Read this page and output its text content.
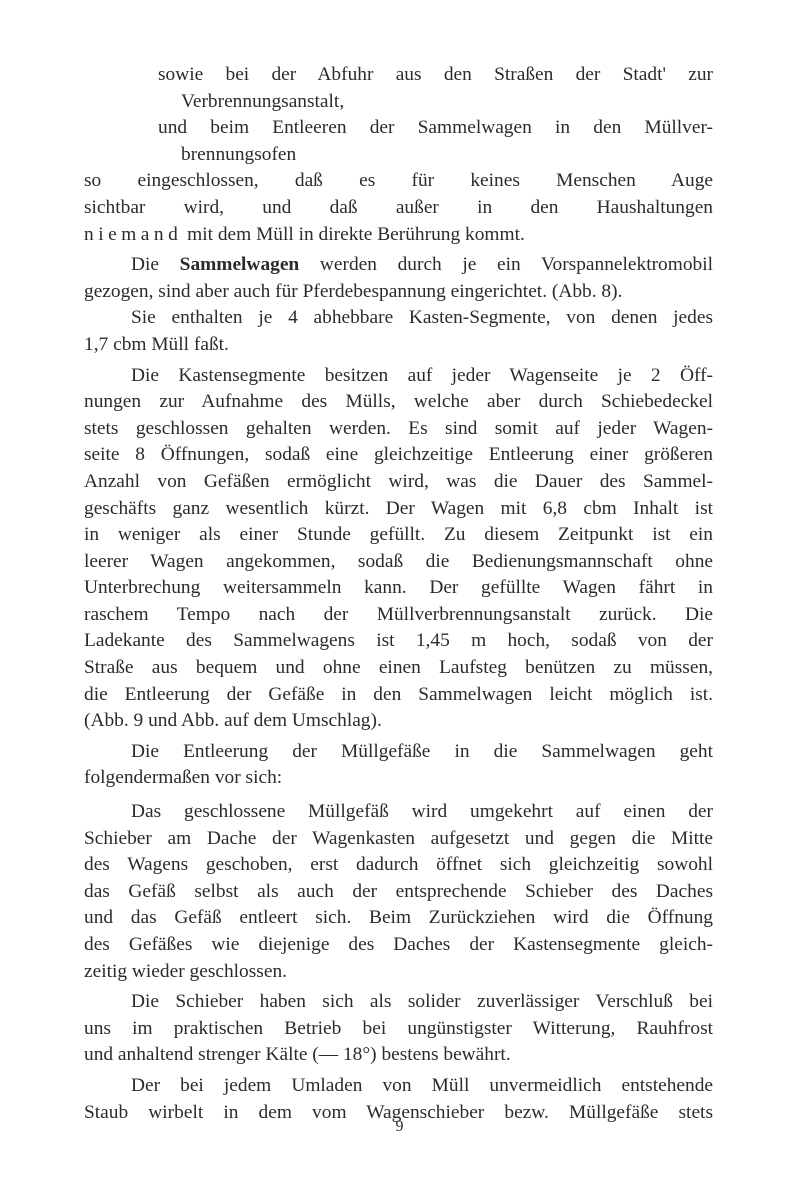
sowie bei der Abfuhr aus den Straßen der Stadt' zur
Verbrennungsanstalt,
und beim Entleeren der Sammelwagen in den Müllver-
brennungsofen
so eingeschlossen, daß es für keines Menschen Auge
sichtbar wird, und daß außer in den Haushaltungen
niemand mit dem Müll in direkte Berührung kommt.
Die Sammelwagen werden durch je ein Vorspannelektromobil
gezogen, sind aber auch für Pferdebespannung eingerichtet. (Abb. 8).
Sie enthalten je 4 abhebbare Kasten-Segmente, von denen jedes
1,7 cbm Müll faßt.
Die Kastensegmente besitzen auf jeder Wagenseite je 2 Öff-
nungen zur Aufnahme des Mülls, welche aber durch Schiebedeckel
stets geschlossen gehalten werden. Es sind somit auf jeder Wagen-
seite 8 Öffnungen, sodaß eine gleichzeitige Entleerung einer größeren
Anzahl von Gefäßen ermöglicht wird, was die Dauer des Sammel-
geschäfts ganz wesentlich kürzt. Der Wagen mit 6,8 cbm Inhalt ist
in weniger als einer Stunde gefüllt. Zu diesem Zeitpunkt ist ein
leerer Wagen angekommen, sodaß die Bedienungsmannschaft ohne
Unterbrechung weitersammeln kann. Der gefüllte Wagen fährt in
raschem Tempo nach der Müllverbrennungsanstalt zurück. Die
Ladekante des Sammelwagens ist 1,45 m hoch, sodaß von der
Straße aus bequem und ohne einen Laufsteg benützen zu müssen,
die Entleerung der Gefäße in den Sammelwagen leicht möglich ist.
(Abb. 9 und Abb. auf dem Umschlag).
Die Entleerung der Müllgefäße in die Sammelwagen geht
folgendermaßen vor sich:
Das geschlossene Müllgefäß wird umgekehrt auf einen der
Schieber am Dache der Wagenkasten aufgesetzt und gegen die Mitte
des Wagens geschoben, erst dadurch öffnet sich gleichzeitig sowohl
das Gefäß selbst als auch der entsprechende Schieber des Daches
und das Gefäß entleert sich. Beim Zurückziehen wird die Öffnung
des Gefäßes wie diejenige des Daches der Kastensegmente gleich-
zeitig wieder geschlossen.
Die Schieber haben sich als solider zuverlässiger Verschluß bei
uns im praktischen Betrieb bei ungünstigster Witterung, Rauhfrost
und anhaltend strenger Kälte (— 18°) bestens bewährt.
Der bei jedem Umladen von Müll unvermeidlich entstehende
Staub wirbelt in dem vom Wagenschieber bezw. Müllgefäße stets
9
